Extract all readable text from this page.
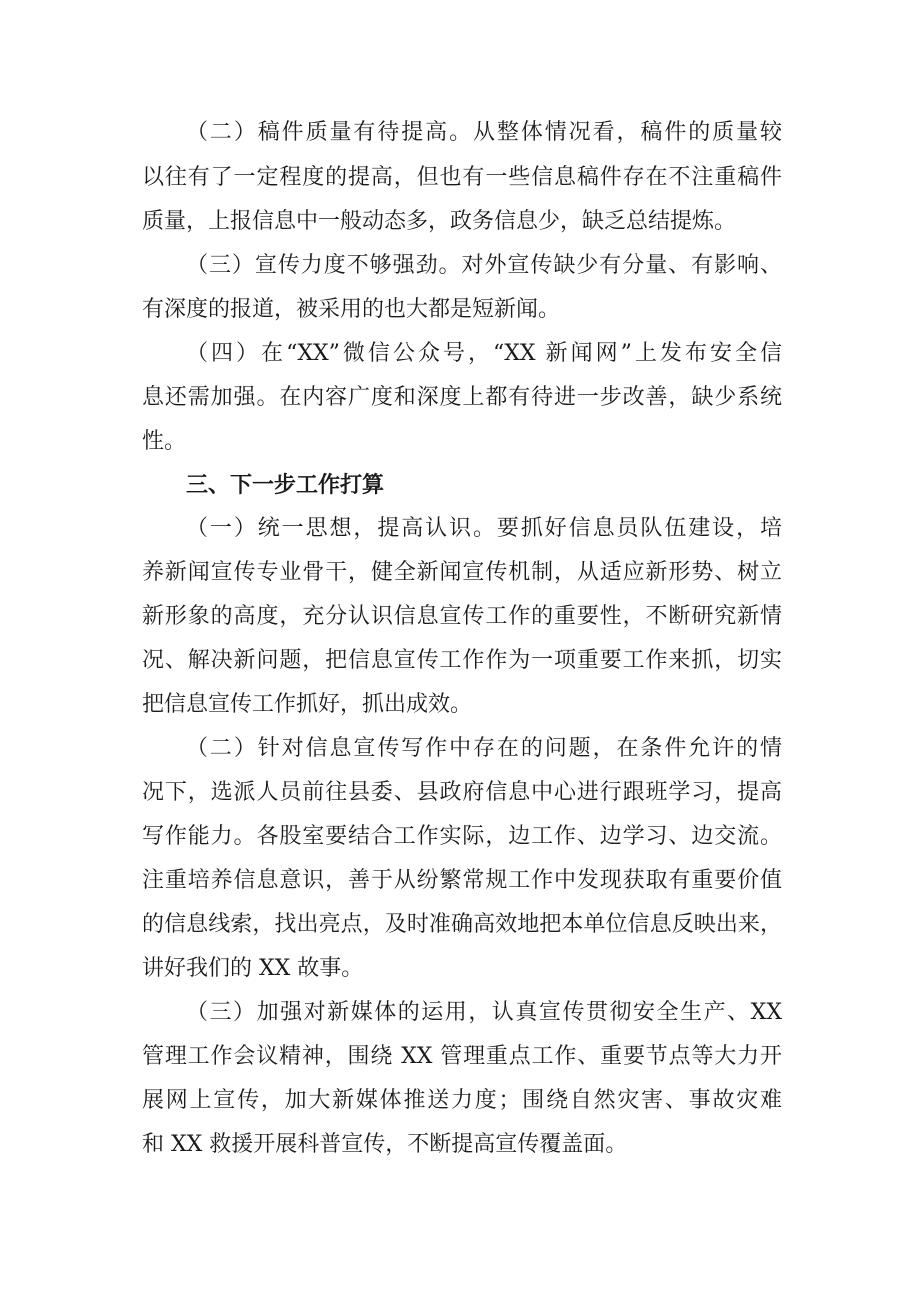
（二）稿件质量有待提高。从整体情况看，稿件的质量较
以往有了一定程度的提高，但也有一些信息稿件存在不注重稿件
质量，上报信息中一般动态多，政务信息少，缺乏总结提炼。
（三）宣传力度不够强劲。对外宣传缺少有分量、有影响、
有深度的报道，被采用的也大都是短新闻。
（四）在“XX”微信公众号，“XX 新闻网”上发布安全信
息还需加强。在内容广度和深度上都有待进一步改善，缺少系统
性。
三、下一步工作打算
（一）统一思想，提高认识。要抓好信息员队伍建设，培
养新闻宣传专业骨干，健全新闻宣传机制，从适应新形势、树立
新形象的高度，充分认识信息宣传工作的重要性，不断研究新情
况、解决新问题，把信息宣传工作作为一项重要工作来抓，切实
把信息宣传工作抓好，抓出成效。
（二）针对信息宣传写作中存在的问题，在条件允许的情
况下，选派人员前往县委、县政府信息中心进行跟班学习，提高
写作能力。各股室要结合工作实际，边工作、边学习、边交流。
注重培养信息意识，善于从纷繁常规工作中发现获取有重要价值
的信息线索，找出亮点，及时准确高效地把本单位信息反映出来，
讲好我们的 XX 故事。
（三）加强对新媒体的运用，认真宣传贯彻安全生产、XX
管理工作会议精神，围绕 XX 管理重点工作、重要节点等大力开
展网上宣传，加大新媒体推送力度；围绕自然灾害、事故灾难
和 XX 救援开展科普宣传，不断提高宣传覆盖面。
